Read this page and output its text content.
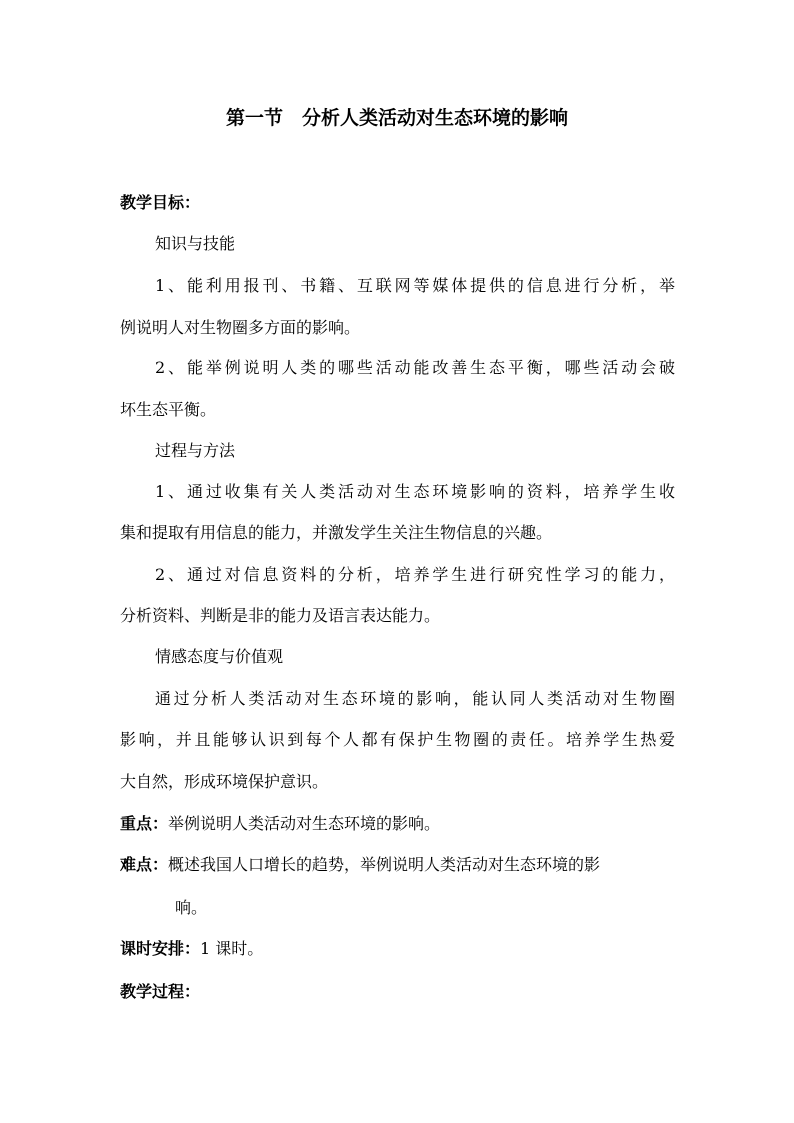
第一节　分析人类活动对生态环境的影响
教学目标：
知识与技能
1、能利用报刊、书籍、互联网等媒体提供的信息进行分析，举
例说明人对生物圈多方面的影响。
2、能举例说明人类的哪些活动能改善生态平衡，哪些活动会破
坏生态平衡。
过程与方法
1、通过收集有关人类活动对生态环境影响的资料，培养学生收
集和提取有用信息的能力，并激发学生关注生物信息的兴趣。
2、通过对信息资料的分析，培养学生进行研究性学习的能力，
分析资料、判断是非的能力及语言表达能力。
情感态度与价值观
通过分析人类活动对生态环境的影响，能认同人类活动对生物圈
影响，并且能够认识到每个人都有保护生物圈的责任。培养学生热爱
大自然，形成环境保护意识。
重点：举例说明人类活动对生态环境的影响。
难点：概述我国人口增长的趋势，举例说明人类活动对生态环境的影
响。
课时安排：1 课时。
教学过程：
